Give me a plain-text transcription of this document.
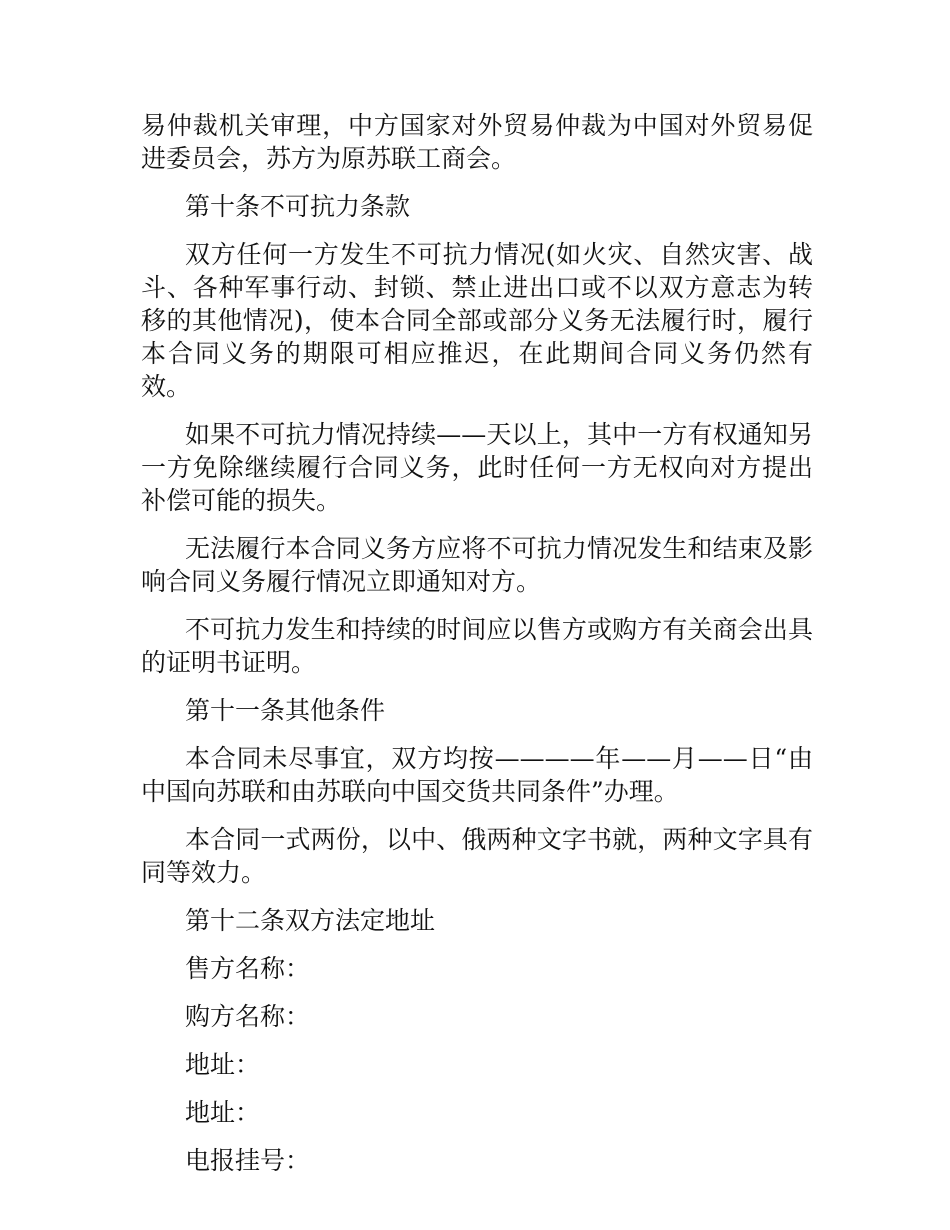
易仲裁机关审理，中方国家对外贸易仲裁为中国对外贸易促进委员会，苏方为原苏联工商会。

第十条不可抗力条款

双方任何一方发生不可抗力情况(如火灾、自然灾害、战斗、各种军事行动、封锁、禁止进出口或不以双方意志为转移的其他情况)，使本合同全部或部分义务无法履行时，履行本合同义务的期限可相应推迟，在此期间合同义务仍然有效。

如果不可抗力情况持续——天以上，其中一方有权通知另一方免除继续履行合同义务，此时任何一方无权向对方提出补偿可能的损失。

无法履行本合同义务方应将不可抗力情况发生和结束及影响合同义务履行情况立即通知对方。

不可抗力发生和持续的时间应以售方或购方有关商会出具的证明书证明。

第十一条其他条件

本合同未尽事宜，双方均按————年——月——日“由中国向苏联和由苏联向中国交货共同条件”办理。

本合同一式两份，以中、俄两种文字书就，两种文字具有同等效力。

第十二条双方法定地址

售方名称：

购方名称：

地址：

地址：

电报挂号：
